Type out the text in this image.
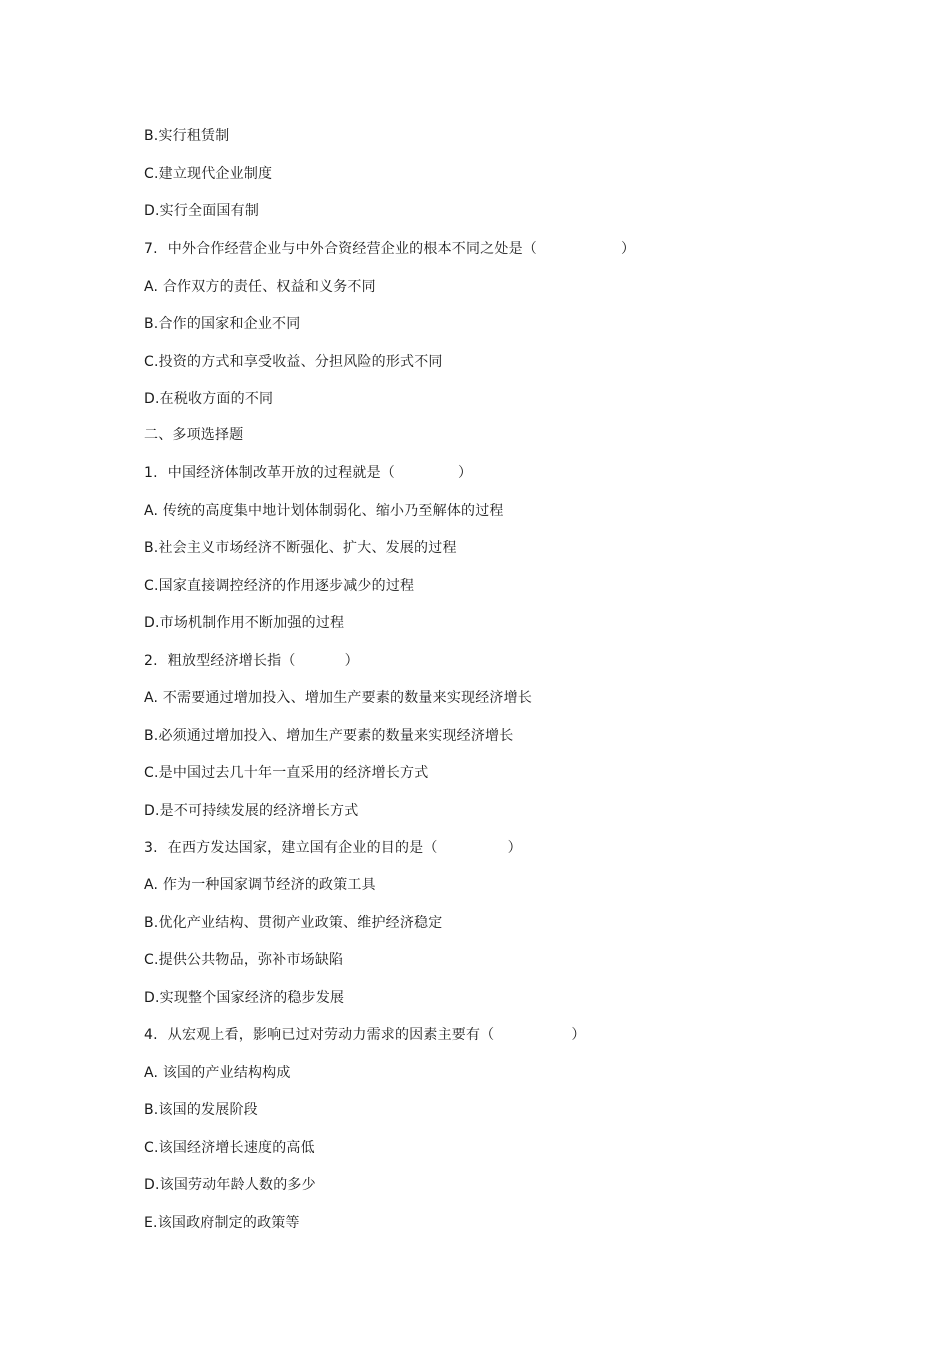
B.实行租赁制
C.建立现代企业制度
D.实行全面国有制
7. 中外合作经营企业与中外合资经营企业的根本不同之处是（	）
A. 合作双方的责任、权益和义务不同
B.合作的国家和企业不同
C.投资的方式和享受收益、分担风险的形式不同
D.在税收方面的不同
二、多项选择题
1. 中国经济体制改革开放的过程就是（	）
A. 传统的高度集中地计划体制弱化、缩小乃至解体的过程
B.社会主义市场经济不断强化、扩大、发展的过程
C.国家直接调控经济的作用逐步减少的过程
D.市场机制作用不断加强的过程
2. 粗放型经济增长指（	）
A. 不需要通过增加投入、增加生产要素的数量来实现经济增长
B.必须通过增加投入、增加生产要素的数量来实现经济增长
C.是中国过去几十年一直采用的经济增长方式
D.是不可持续发展的经济增长方式
3. 在西方发达国家，建立国有企业的目的是（	）
A. 作为一种国家调节经济的政策工具
B.优化产业结构、贯彻产业政策、维护经济稳定
C.提供公共物品，弥补市场缺陷
D.实现整个国家经济的稳步发展
4. 从宏观上看，影响已过对劳动力需求的因素主要有（	）
A. 该国的产业结构构成
B.该国的发展阶段
C.该国经济增长速度的高低
D.该国劳动年龄人数的多少
E.该国政府制定的政策等
